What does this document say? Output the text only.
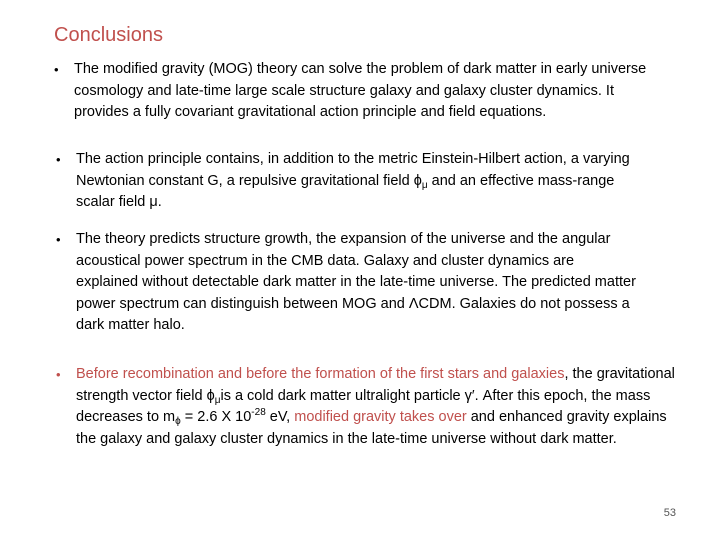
Conclusions
•	The modified gravity (MOG) theory can solve the problem of dark matter in early universe cosmology and late-time large scale structure galaxy and galaxy cluster dynamics. It provides a fully covariant gravitational action principle and field equations.
•	The action principle contains, in addition to the metric Einstein-Hilbert action, a varying Newtonian constant G, a repulsive gravitational field $\phi_\mu$ and an effective mass-range scalar field μ.
•	The theory predicts structure growth, the expansion of the universe and the angular acoustical power spectrum in the CMB data. Galaxy and cluster dynamics are explained without detectable dark matter in the late-time universe. The predicted matter power spectrum can distinguish between MOG and ΛCDM. Galaxies do not possess a dark matter halo.
•	Before recombination and before the formation of the first stars and galaxies, the gravitational strength vector field $\phi_\mu is$ a cold dark matter ultralight particle γ′. After this epoch, the mass decreases to $m_\phi = 2.6$ X $10^{-28}$ eV, modified gravity takes over and enhanced gravity explains the galaxy and galaxy cluster dynamics in the late-time universe without dark matter.
53
